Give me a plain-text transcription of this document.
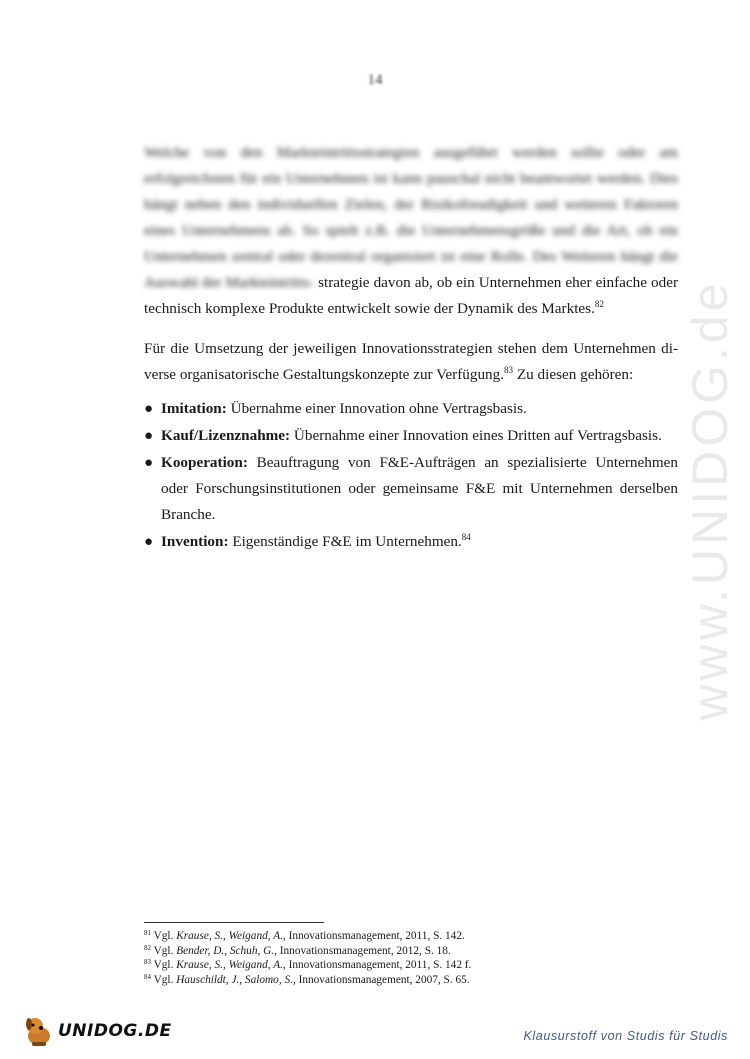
14
www.UNIDOG.de

Welche von den Markteintrittsstrategien ausgeführt werden sollte oder am erfolgreichsten für ein Unternehmen ist kann pauschal nicht beantwortet werden. Dies hängt neben den individuellen Zielen, der Risikofreudigkeit und weiteren Faktoren eines Unternehmens ab. So spielt z.B. die Unternehmensgröße und die Art, ob ein Unternehmen zentral oder dezentral organisiert ist eine Rolle. Des Weiteren hängt die Auswahl der Markteintritts- strategie davon ab, ob ein Unternehmen eher einfache oder technisch komplexe Produkte entwickelt sowie der Dynamik des Marktes.$^{82}$

Für die Umsetzung der jeweiligen Innovationsstrategien stehen dem Unternehmen diverse organisatorische Gestaltungskonzepte zur Verfügung.$^{83}$ Zu diesen gehören:

● Imitation: Übernahme einer Innovation ohne Vertragsbasis.
● Kauf/Lizenznahme: Übernahme einer Innovation eines Dritten auf Vertragsbasis.
● Kooperation: Beauftragung von F&E-Aufträgen an spezialisierte Unternehmen oder Forschungsinstitutionen oder gemeinsame F&E mit Unternehmen derselben Branche.
● Invention: Eigenständige F&E im Unternehmen.$^{84}$
$^{81}$ Vgl. Krause, S., Weigand, A., Innovationsmanagement, 2011, S. 142.
$^{82}$ Vgl. Bender, D., Schuh, G., Innovationsmanagement, 2012, S. 18.
$^{83}$ Vgl. Krause, S., Weigand, A., Innovationsmanagement, 2011, S. 142 f.
$^{84}$ Vgl. Hauschildt, J., Salomo, S., Innovationsmanagement, 2007, S. 65.
UNIDOG.DE	Klausurstoff von Studis für Studis
